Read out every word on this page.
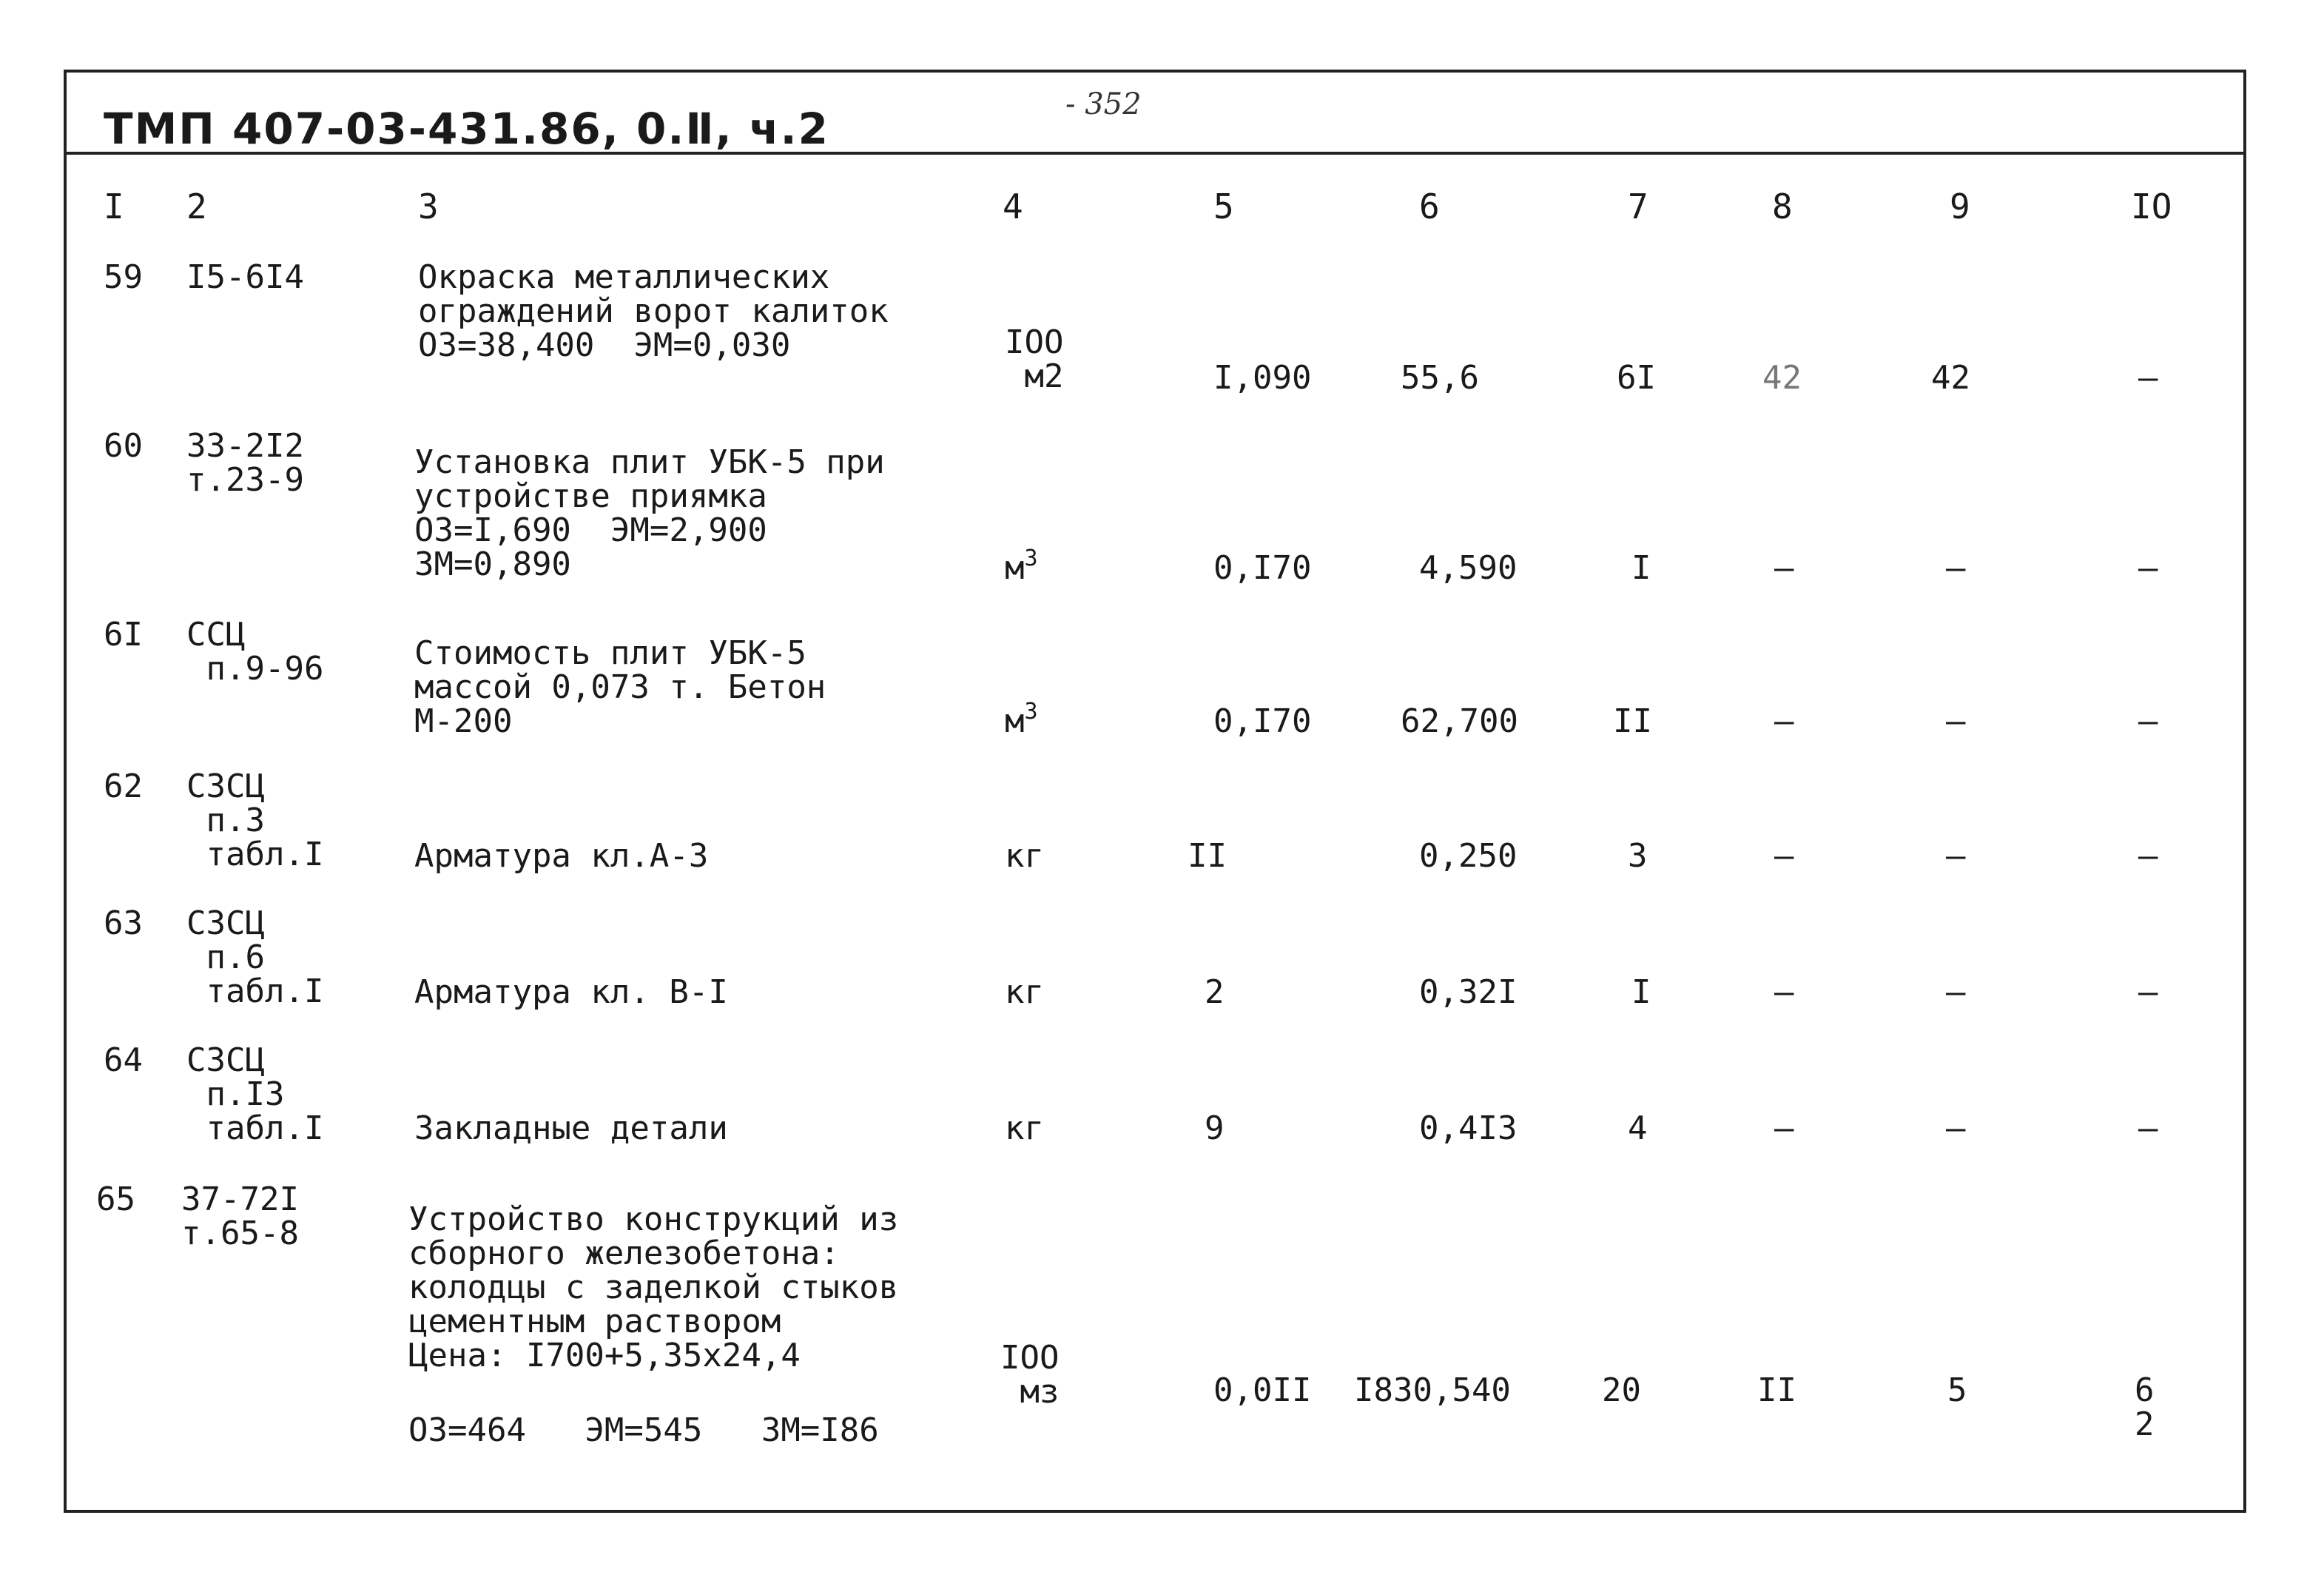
ТМП 407-03-431.86, 0.Ⅱ, ч.2	- 352
I 2	3	4	5	6	7	8	9	IO
59 I5-6I4	Окраска металлических
ограждений ворот калиток
ОЗ=38,400  ЭМ=0,030	IOO
м2	I,090	55,6	6I	42	42	–
60 33-2I2
т.23-9	Установка плит УБК-5 при
устройстве приямка
ОЗ=I,690  ЭМ=2,900
ЗМ=0,890	$м^3$	0,I70	4,590	I	–	–	–
6I ССЦ
п.9-96	Стоимость плит УБК-5
массой 0,073 т. Бетон
М-200	$м^3$	0,I70	62,700	II	–	–	–
62 СЗСЦ
п.3
табл.I	Арматура кл.А-3	кг	II	0,250	3	–	–	–
63 СЗСЦ
п.6
табл.I	Арматура кл. В-I	кг	2	0,32I	I	–	–	–
64 СЗСЦ
п.I3
табл.I	Закладные детали	кг	9	0,4I3	4	–	–	–
65 37-72I
т.65-8	Устройство конструкций из
сборного железобетона:
колодцы с заделкой стыков
цементным раствором
Цена: I700+5,35х24,4
ОЗ=464   ЭМ=545   ЗМ=I86
IOO
мз	0,0II I830,540	20	II	5	6
2
